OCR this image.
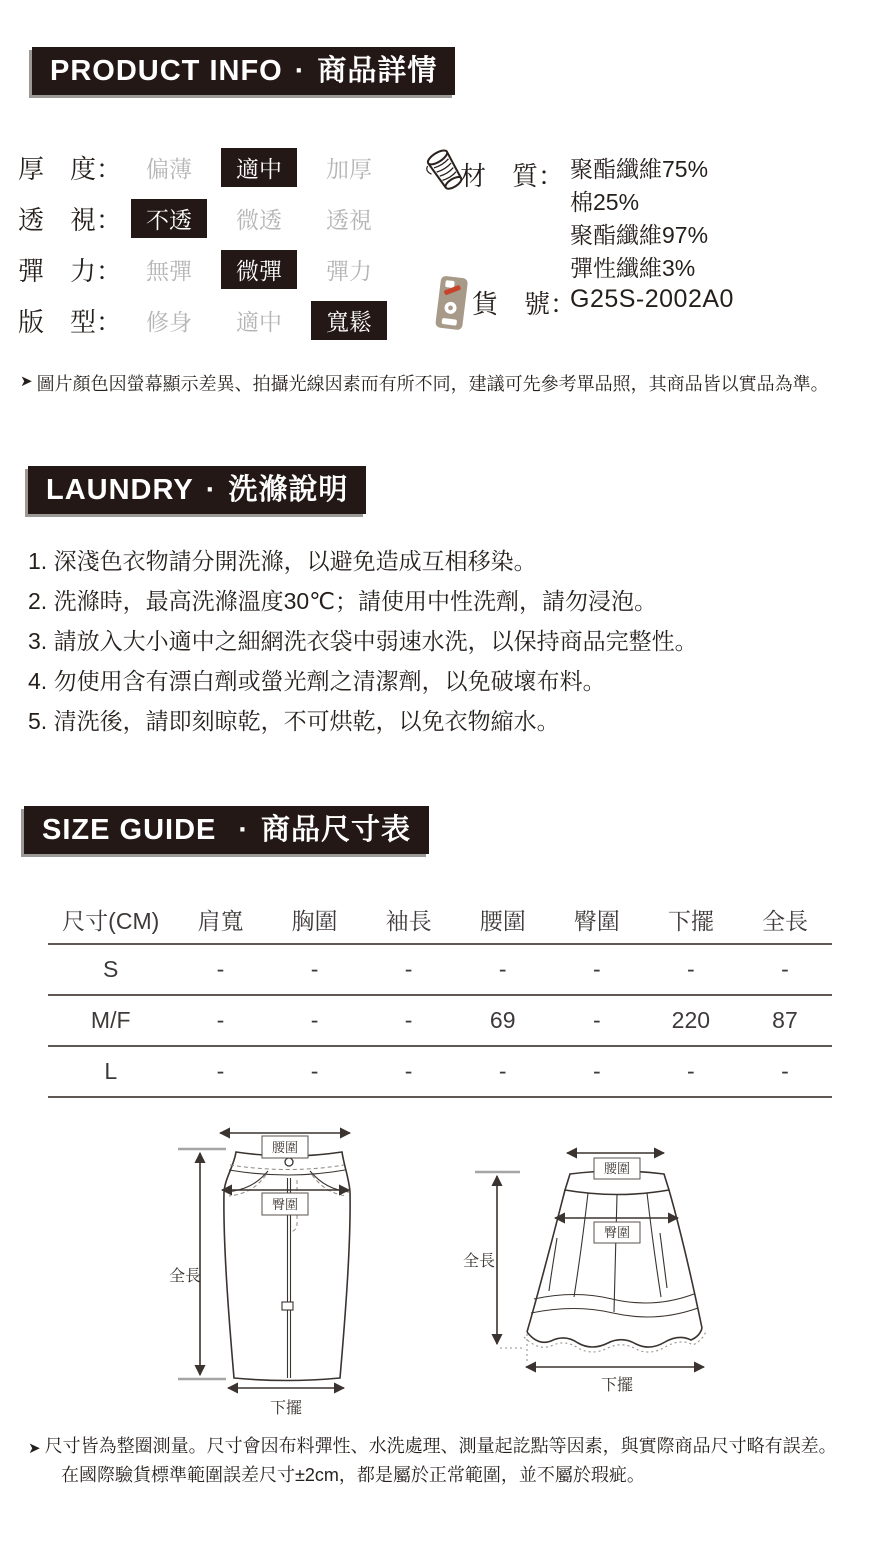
PRODUCT INFO · 商品詳情
厚　度： 偏薄	適中	加厚
透　視：	不透	微透 透視
彈　力： 無彈	微彈	彈力
版　型： 修身 適中	寬鬆
材　質： 聚酯纖維75%
棉25%
聚酯纖維97%
彈性纖維3%
貨　號：
G25S-2002A0
➤ 圖片顏色因螢幕顯示差異、拍攝光線因素而有所不同，建議可先參考單品照，其商品皆以實品為準。
LAUNDRY · 洗滌說明
1. 深淺色衣物請分開洗滌，以避免造成互相移染。
2. 洗滌時，最高洗滌溫度30℃；請使用中性洗劑，請勿浸泡。
3. 請放入大小適中之細網洗衣袋中弱速水洗，以保持商品完整性。
4. 勿使用含有漂白劑或螢光劑之清潔劑，以免破壞布料。
5. 清洗後，請即刻晾乾，不可烘乾，以免衣物縮水。
SIZE GUIDE · 商品尺寸表
尺寸(CM)	肩寬	胸圍	袖長	腰圍	臀圍	下擺	全長
S	-	-	-	-	-	-	-
M/F	-	-	-	69	-	220	87
L	-	-	-	-	-	-	-
腰圍
臀圍
全長
下擺
腰圍
臀圍
全長
下擺
➤ 尺寸皆為整圈測量。尺寸會因布料彈性、水洗處理、測量起訖點等因素，與實際商品尺寸略有誤差。
在國際驗貨標準範圍誤差尺寸±2cm，都是屬於正常範圍，並不屬於瑕疵。
